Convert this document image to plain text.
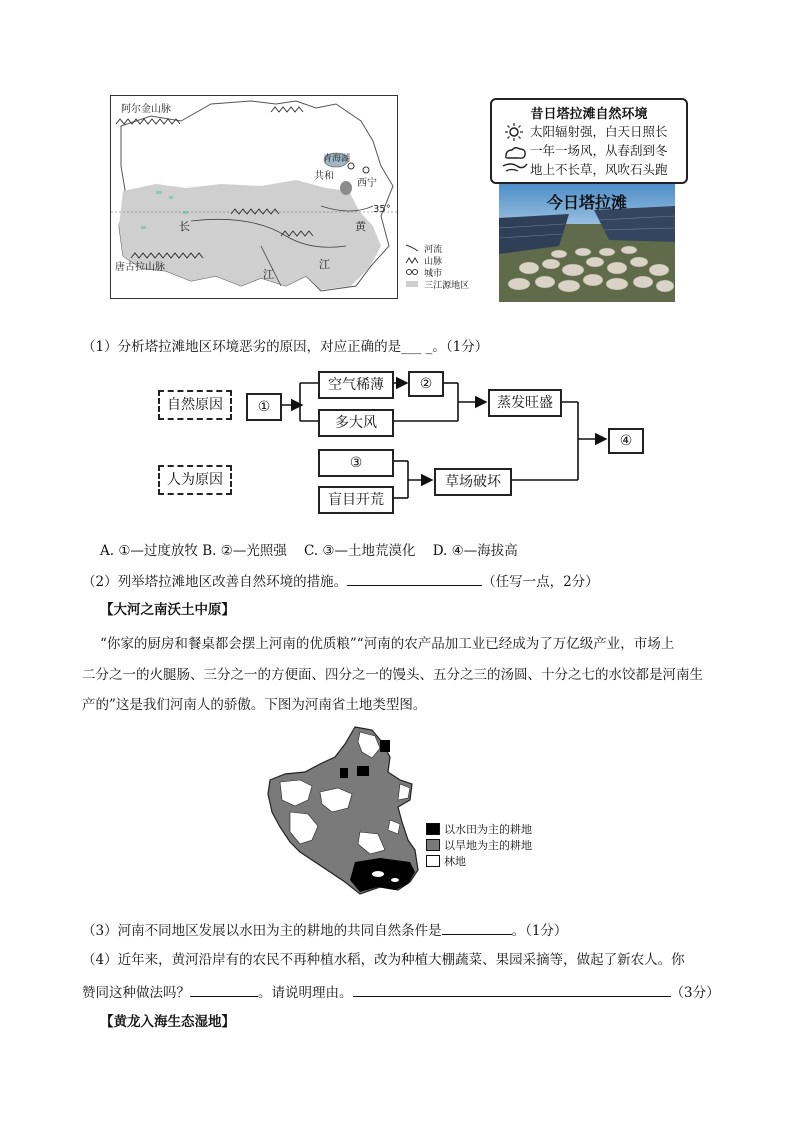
阿尔金山脉
青海湖
共和
西宁
35°
唐古拉山脉
长	黄
江
江
河流
山脉
城市
三江源地区
昔日塔拉滩自然环境
太阳辐射强，白天日照长
一年一场风，从春刮到冬
地上不长草，风吹石头跑
今日塔拉滩
（1）分析塔拉滩地区环境恶劣的原因，对应正确的是___ _。（1分）
自然原因	①
空气稀薄	②
多大风
蒸发旺盛
④
人为原因
③
盲目开荒
草场破坏
A. ①—过度放牧 B. ②—光照强    C. ③—土地荒漠化    D. ④—海拔高
（2）列举塔拉滩地区改善自然环境的措施。	（任写一点，2分）
【大河之南沃土中原】
“你家的厨房和餐桌都会摆上河南的优质粮”“河南的农产品加工业已经成为了万亿级产业，市场上
二分之一的火腿肠、三分之一的方便面、四分之一的馒头、五分之三的汤圆、十分之七的水饺都是河南生
产的”这是我们河南人的骄傲。下图为河南省土地类型图。
以水田为主的耕地
以旱地为主的耕地
林地
（3）河南不同地区发展以水田为主的耕地的共同自然条件是	。（1分）
（4）近年来，黄河沿岸有的农民不再种植水稻，改为种植大棚蔬菜、果园采摘等，做起了新农人。你
赞同这种做法吗？	。请说明理由。	（3分）
【黄龙入海生态湿地】
